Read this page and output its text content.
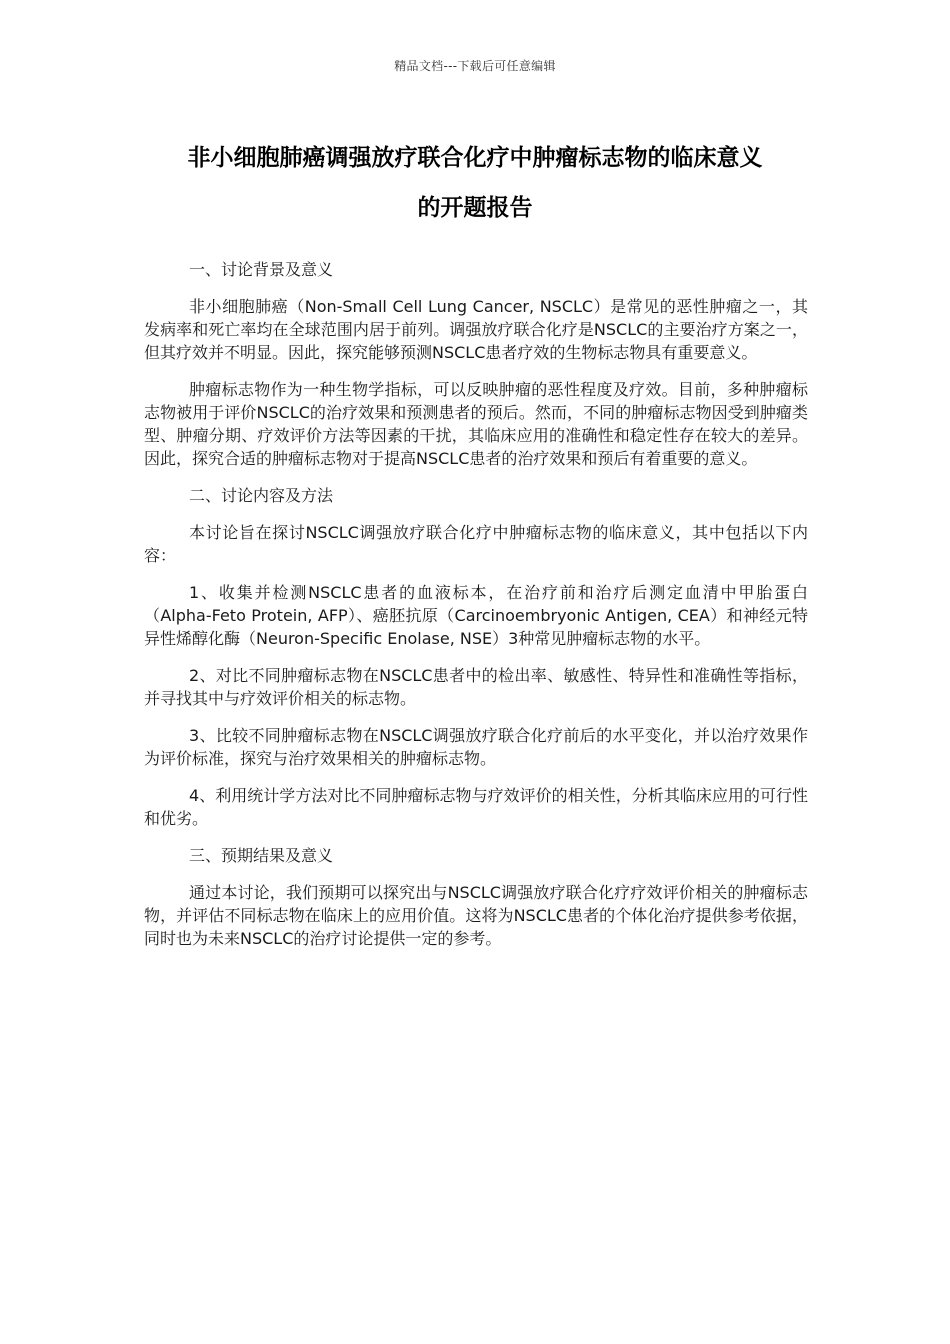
精品文档---下载后可任意编辑
非小细胞肺癌调强放疗联合化疗中肿瘤标志物的临床意义
的开题报告

一、讨论背景及意义

非小细胞肺癌（Non-Small Cell Lung Cancer, NSCLC）是常见的恶性肿瘤之一，其发病率和死亡率均在全球范围内居于前列。调强放疗联合化疗是NSCLC的主要治疗方案之一，但其疗效并不明显。因此，探究能够预测NSCLC患者疗效的生物标志物具有重要意义。

肿瘤标志物作为一种生物学指标，可以反映肿瘤的恶性程度及疗效。目前，多种肿瘤标志物被用于评价NSCLC的治疗效果和预测患者的预后。然而，不同的肿瘤标志物因受到肿瘤类型、肿瘤分期、疗效评价方法等因素的干扰，其临床应用的准确性和稳定性存在较大的差异。因此，探究合适的肿瘤标志物对于提高NSCLC患者的治疗效果和预后有着重要的意义。

二、讨论内容及方法

本讨论旨在探讨NSCLC调强放疗联合化疗中肿瘤标志物的临床意义，其中包括以下内容：

1、收集并检测NSCLC患者的血液标本，在治疗前和治疗后测定血清中甲胎蛋白（Alpha-Feto Protein, AFP）、癌胚抗原（Carcinoembryonic Antigen, CEA）和神经元特异性烯醇化酶（Neuron-Specific Enolase, NSE）3种常见肿瘤标志物的水平。

2、对比不同肿瘤标志物在NSCLC患者中的检出率、敏感性、特异性和准确性等指标，并寻找其中与疗效评价相关的标志物。

3、比较不同肿瘤标志物在NSCLC调强放疗联合化疗前后的水平变化，并以治疗效果作为评价标准，探究与治疗效果相关的肿瘤标志物。

4、利用统计学方法对比不同肿瘤标志物与疗效评价的相关性，分析其临床应用的可行性和优劣。

三、预期结果及意义

通过本讨论，我们预期可以探究出与NSCLC调强放疗联合化疗疗效评价相关的肿瘤标志物，并评估不同标志物在临床上的应用价值。这将为NSCLC患者的个体化治疗提供参考依据，同时也为未来NSCLC的治疗讨论提供一定的参考。
